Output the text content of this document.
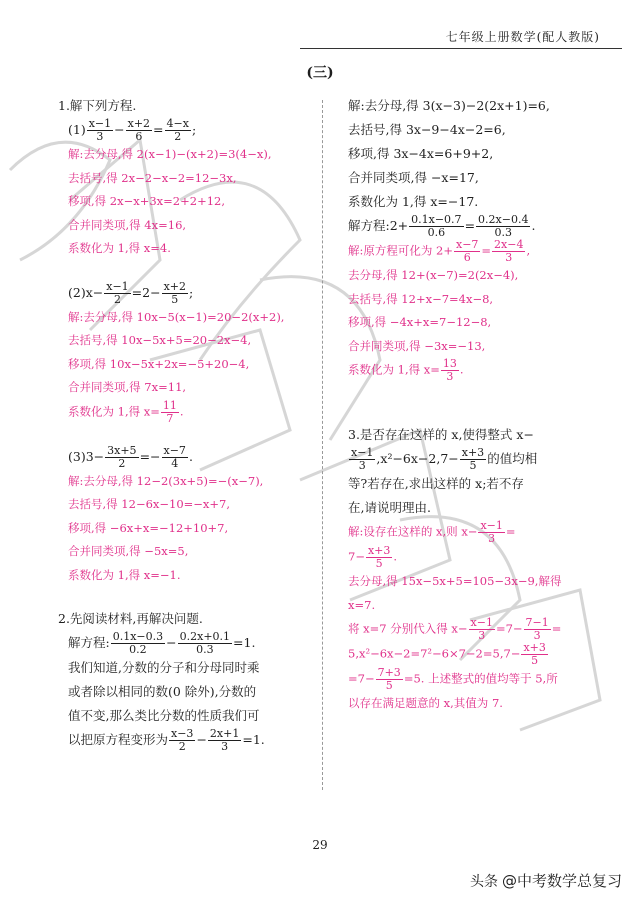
七年级上册数学(配人教版)
(三)
1.解下列方程.
$(1) \frac{x-1}{3} - \frac{x+2}{6} = \frac{4-x}{2}$ ;
解:去分母,得 2(x−1)−(x+2)=3(4−x),
去括号,得 2x−2−x−2=12−3x,
移项,得 2x−x+3x=2+2+12,
合并同类项,得 4x=16,
系数化为 1,得 x=4.
$(2)x- \frac{x-1}{2} =2- \frac{x+2}{5}$ ;
解:去分母,得 10x−5(x−1)=20−2(x+2),
去括号,得 10x−5x+5=20−2x−4,
移项,得 10x−5x+2x=−5+20−4,
合并同类项,得 7x=11,
系数化为 1,得 $x= \frac{11}{7}$ .
$(3)3- \frac{3x+5}{2} =- \frac{x-7}{4}$ .
解:去分母,得 12−2(3x+5)=−(x−7),
去括号,得 12−6x−10=−x+7,
移项,得 −6x+x=−12+10+7,
合并同类项,得 −5x=5,
系数化为 1,得 x=−1.
2.先阅读材料,再解决问题.
解方程: $\frac{0.1x-0.3}{0.2} - \frac{0.2x+0.1}{0.3} =1$.
我们知道,分数的分子和分母同时乘
或者除以相同的数(0 除外),分数的
值不变,那么类比分数的性质我们可
以把原方程变形为 $\frac{x-3}{2} - \frac{2x+1}{3} =1$.
解:去分母,得 3(x−3)−2(2x+1)=6,
去括号,得 3x−9−4x−2=6,
移项,得 3x−4x=6+9+2,
合并同类项,得 −x=17,
系数化为 1,得 x=−17.
解方程:2+ $\frac{0.1x-0.7}{0.6} = \frac{0.2x-0.4}{0.3}$ .
解:原方程可化为 $2+ \frac{x-7}{6} = \frac{2x-4}{3}$ ,
去分母,得 12+(x−7)=2(2x−4),
去括号,得 12+x−7=4x−8,
移项,得 −4x+x=7−12−8,
合并同类项,得 −3x=−13,
系数化为 1,得 $x= \frac{13}{3}$ .
3.是否存在这样的 x,使得整式 x−
$\frac{x-1}{3} ,x^2-6x-2,7- \frac{x+3}{5}$ 的值均相
等?若存在,求出这样的 x;若不存
在,请说明理由.
解:设存在这样的 x,则 $x- \frac{x-1}{3}$ =
$7- \frac{x+3}{5}$ .
去分母,得 15x−5x+5=105−3x−9,解得
x=7.
将 x=7 分别代入得 $x- \frac{x-1}{3} =7- \frac{7-1}{3}$ =
$5,x^2-6x-2=7^2-6\times 7-2=5,7- \frac{x+3}{5}$
$=7- \frac{7+3}{5} =5$. 上述整式的值均等于 5,所
以存在满足题意的 x,其值为 7.
29
头条 @中考数学总复习
